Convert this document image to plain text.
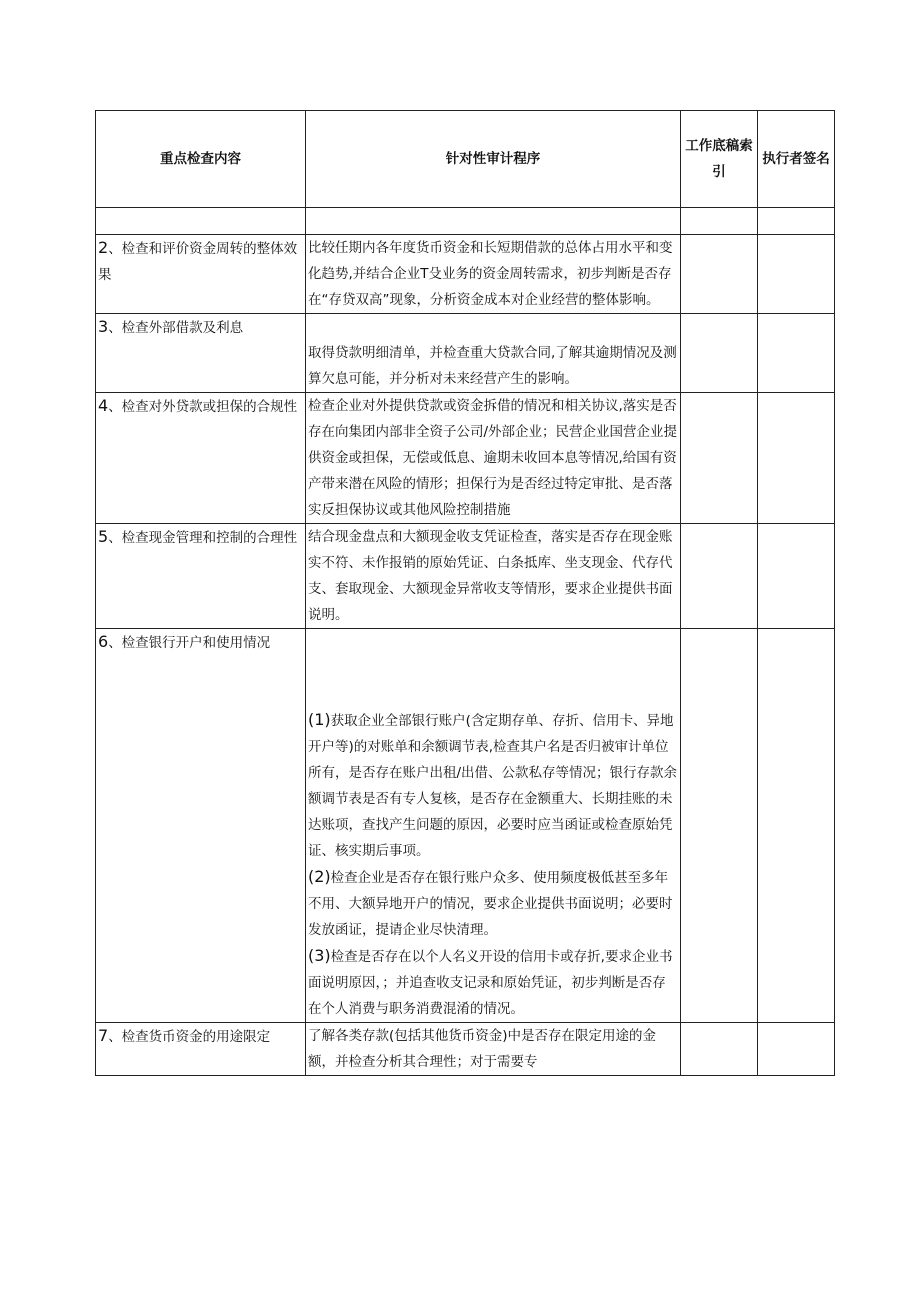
重点检查内容	针对性审计程序	工作底稿索引	执行者签名

2、检查和评价资金周转的整体效果	比较任期内各年度货币资金和长短期借款的总体占用水平和变化趋势,并结合企业T殳业务的资金周转需求，初步判断是否存在“存贷双高”现象，分析资金成本对企业经营的整体影响。		
3、检查外部借款及利息	取得贷款明细清单，并检查重大贷款合同,了解其逾期情况及测算欠息可能，并分析对未来经营产生的影响。		
4、检查对外贷款或担保的合规性	检查企业对外提供贷款或资金拆借的情况和相关协议,落实是否存在向集团内部非全资子公司/外部企业；民营企业国营企业提供资金或担保，无偿或低息、逾期未收回本息等情况,给国有资产带来潜在风险的情形；担保行为是否经过特定审批、是否落实反担保协议或其他风险控制措施		
5、检查现金管理和控制的合理性	结合现金盘点和大额现金收支凭证检查，落实是否存在现金账实不符、未作报销的原始凭证、白条抵库、坐支现金、代存代支、套取现金、大额现金异常收支等情形，要求企业提供书面说明。		
6、检查银行开户和使用情况	(1)获取企业全部银行账户(含定期存单、存折、信用卡、异地开户等)的对账单和余额调节表,检查其户名是否归被审计单位所有，是否存在账户出租/出借、公款私存等情况；银行存款余额调节表是否有专人复核，是否存在金额重大、长期挂账的未达账项，查找产生问题的原因，必要时应当函证或检查原始凭证、核实期后事项。

(2)检查企业是否存在银行账户众多、使用频度极低甚至多年不用、大额异地开户的情况，要求企业提供书面说明；必要时发放函证，提请企业尽快清理。

(3)检查是否存在以个人名义开设的信用卡或存折,要求企业书面说明原因，；并追查收支记录和原始凭证，初步判断是否存在个人消费与职务消费混淆的情况。		

7、检查货币资金的用途限定	了解各类存款(包括其他货币资金)中是否存在限定用途的金额，并检查分析其合理性；对于需要专		
